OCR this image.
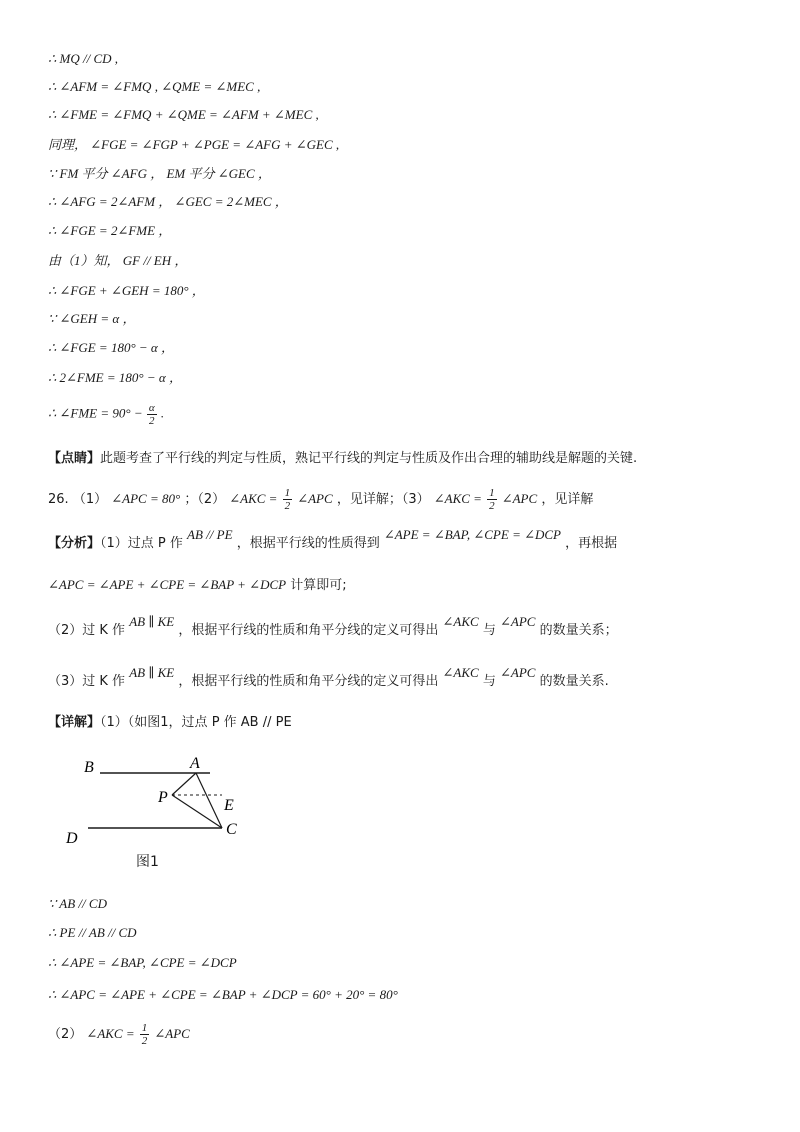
∴ MQ // CD ,
∴ ∠AFM = ∠FMQ , ∠QME = ∠MEC ,
∴ ∠FME = ∠FMQ + ∠QME = ∠AFM + ∠MEC ,
同理， ∠FGE = ∠FGP + ∠PGE = ∠AFG + ∠GEC ,
∵ FM 平分 ∠AFG ， EM 平分 ∠GEC ，
∴ ∠AFG = 2∠AFM ， ∠GEC = 2∠MEC ，
∴ ∠FGE = 2∠FME ，
由（1）知， GF // EH ，
∴ ∠FGE + ∠GEH = 180° ，
∵ ∠GEH = α ，
∴ ∠FGE = 180° − α ，
∴ 2∠FME = 180° − α ，
∴ ∠FME = $90^\circ - \frac{\alpha}{2}$ .
【点睛】此题考查了平行线的判定与性质，熟记平行线的判定与性质及作出合理的辅助线是解题的关键.
26. （1） ∠APC = 80° ；（2） ∠AKC = $\frac{1}{2}$ ∠APC ，见详解；（3） ∠AKC = $\frac{1}{2}$ ∠APC ，见详解
【分析】（1）过点 P 作 AB // PE ，根据平行线的性质得到 ∠APE = ∠BAP, ∠CPE = ∠DCP ，再根据
∠APC = ∠APE + ∠CPE = ∠BAP + ∠DCP 计算即可;
（2）过 K 作 AB ∥ KE ，根据平行线的性质和角平分线的定义可得出 ∠AKC 与 ∠APC 的数量关系；
（3）过 K 作 AB ∥ KE ，根据平行线的性质和角平分线的定义可得出 ∠AKC 与 ∠APC 的数量关系.
【详解】（1）（如图1，过点 P 作 AB // PE
B	A
P	E
D
C
图1
∵ AB // CD
∴ PE // AB // CD
∴ ∠APE = ∠BAP, ∠CPE = ∠DCP
∴ ∠APC = ∠APE + ∠CPE = ∠BAP + ∠DCP = 60° + 20° = 80°
（2） ∠AKC = $\frac{1}{2}$ ∠APC
